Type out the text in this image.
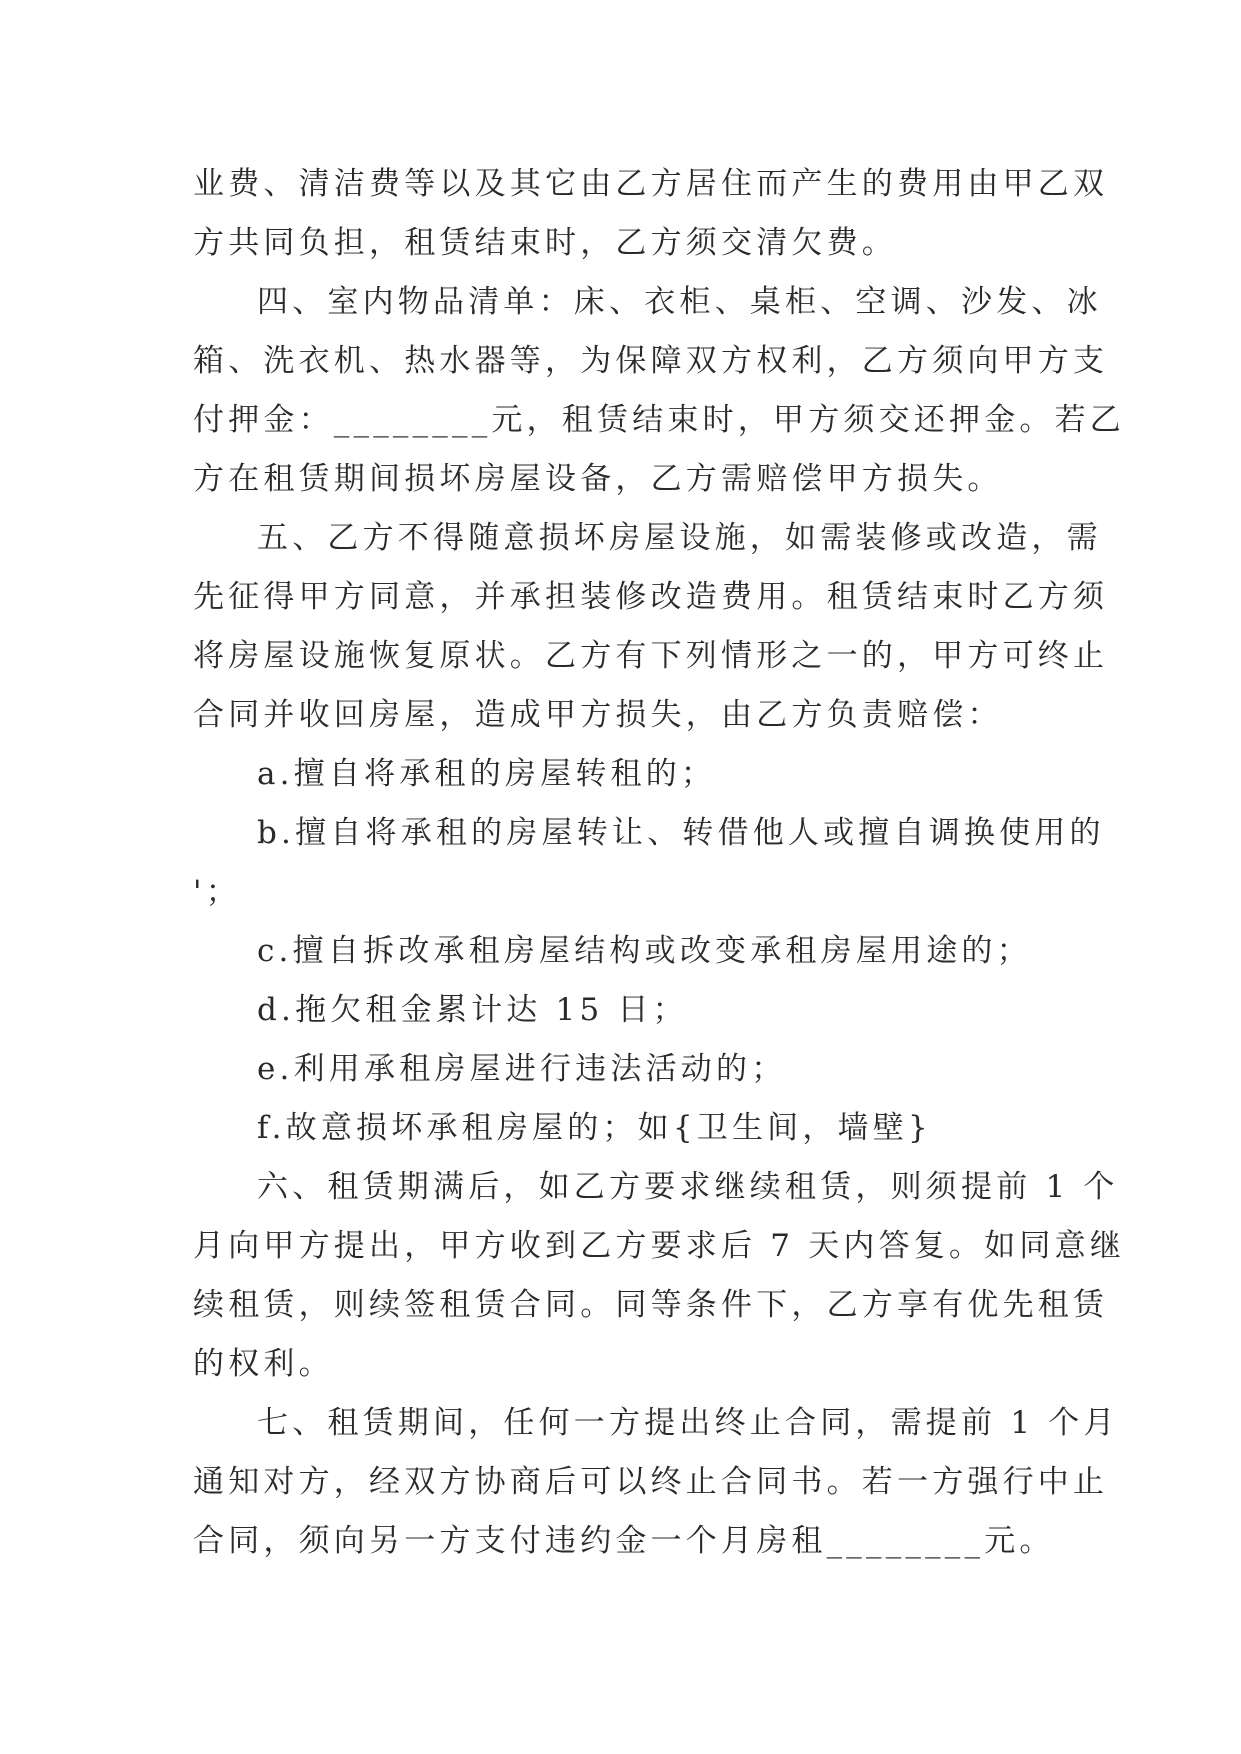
业费、清洁费等以及其它由乙方居住而产生的费用由甲乙双

方共同负担，租赁结束时，乙方须交清欠费。

四、室内物品清单：床、衣柜、桌柜、空调、沙发、冰

箱、洗衣机、热水器等，为保障双方权利，乙方须向甲方支

付押金：________元，租赁结束时，甲方须交还押金。若乙

方在租赁期间损坏房屋设备，乙方需赔偿甲方损失。

五、乙方不得随意损坏房屋设施，如需装修或改造，需

先征得甲方同意，并承担装修改造费用。租赁结束时乙方须

将房屋设施恢复原状。乙方有下列情形之一的，甲方可终止

合同并收回房屋，造成甲方损失，由乙方负责赔偿：

a.擅自将承租的房屋转租的；

b.擅自将承租的房屋转让、转借他人或擅自调换使用的

'；

c.擅自拆改承租房屋结构或改变承租房屋用途的；

d.拖欠租金累计达 15 日；

e.利用承租房屋进行违法活动的；

f.故意损坏承租房屋的；如{卫生间，墙壁}

六、租赁期满后，如乙方要求继续租赁，则须提前 1 个

月向甲方提出，甲方收到乙方要求后 7 天内答复。如同意继

续租赁，则续签租赁合同。同等条件下，乙方享有优先租赁

的权利。

七、租赁期间，任何一方提出终止合同，需提前 1 个月

通知对方，经双方协商后可以终止合同书。若一方强行中止

合同，须向另一方支付违约金一个月房租________元。
